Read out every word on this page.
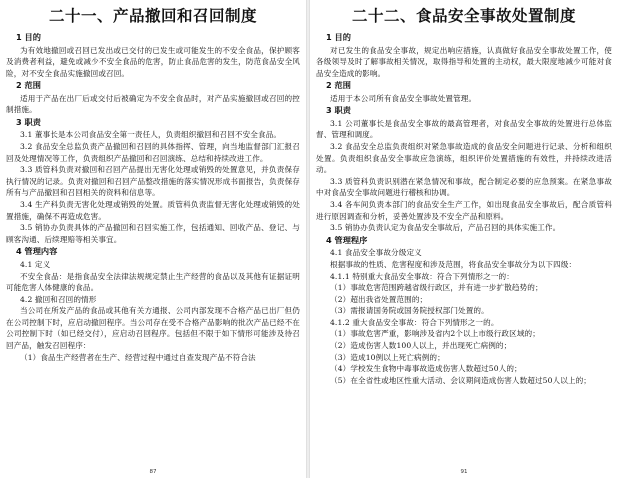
二十一、产品撤回和召回制度
1 目的

为有效地撤回或召回已发出或已交付的已发生或可能发生的不安全食品，保护顾客及消费者利益，避免或减少不安全食品的危害，防止食品危害的发生，防范食品安全风险，对不安全食品实施撤回或召回。

2 范围

适用于产品在出厂后或交付后被确定为不安全食品时，对产品实施撤回或召回的控制措施。

3 职责

3.1 董事长是本公司食品安全第一责任人，负责组织撤回和召回不安全食品。

3.2 食品安全总监负责产品撤回和召回的具体指挥、管理，向当地监督部门汇报召回及处理情况等工作，负责组织产品撤回和召回演练、总结和持续改进工作。

3.3 质管科负责对撤回和召回产品提出无害化处理或销毁的处置意见，并负责保存执行情况的记录。负责对撤回和召回产品整改措施的落实情况形成书面报告，负责保存所有与产品撤回和召回相关的资料和信息等。

3.4 生产科负责无害化处理或销毁的处置。质管科负责监督无害化处理或销毁的处置措施，确保不再造成危害。

3.5 销协办负责具体的产品撤回和召回实施工作，包括通知、回收产品、登记、与顾客沟通、后续理赔等相关事宜。

4 管理内容

4.1 定义

不安全食品：是指食品安全法律法规规定禁止生产经营的食品以及其他有证据证明可能危害人体健康的食品。

4.2 撤回和召回的情形

当公司在所发产品的食品或其他有关方通报、公司内部发现不合格产品已出厂但仍在公司控制下时，应启动撤回程序。当公司存在受不合格产品影响的批次产品已经不在公司控制下时（如已经交付），应启动召回程序。包括但不限于如下情形可能涉及待召回产品，触发召回程序：

（1）食品生产经营者在生产、经营过程中通过自查发现产品不符合法

87
二十二、食品安全事故处置制度
1 目的

对已发生的食品安全事故，规定出响应措施，认真做好食品安全事故处置工作，使各级领导及时了解事故相关情况，取得指导和处置的主动权，最大限度地减少可能对食品安全造成的影响。

2 范围

适用于本公司所有食品安全事故处置管理。

3 职责

3.1 公司董事长是食品安全事故的最高管理者，对食品安全事故的处置进行总体监督、管理和调度。

3.2 食品安全总监负责组织对紧急事故造成的食品安全问题进行记录、分析和组织处置。负责组织食品安全事故应急演练，组织评价处置措施的有效性，并持续改进活动。

3.3 质管科负责识别潜在紧急情况和事故，配合制定必要的应急预案。在紧急事故中对食品安全事故问题进行稽核和协调。

3.4 各车间负责本部门的食品安全生产工作，如出现食品安全事故后，配合质管科进行原因调查和分析，妥善处置涉及不安全产品和原料。

3.5 销协办负责认定为食品安全事故后，产品召回的具体实施工作。

4 管理程序

4.1 食品安全事故分级定义

根据事故的性质、危害程度和涉及范围，将食品安全事故分为以下四级：

4.1.1 特别重大食品安全事故：符合下列情形之一的：

（1）事故危害范围跨越省级行政区，并有进一步扩散趋势的；

（2）超出我省处置范围的；

（3）需报请国务院或国务院授权部门处置的。

4.1.2 重大食品安全事故：符合下列情形之一的。

（1）事故危害严重，影响涉及省内2个以上市级行政区域的；

（2）造成伤害人数100人以上，并出现死亡病例的；

（3）造成10例以上死亡病例的；

（4）学校发生食物中毒事故造成伤害人数超过50人的；

（5）在全省性或地区性重大活动、会议期间造成伤害人数超过50人以上的；

91
